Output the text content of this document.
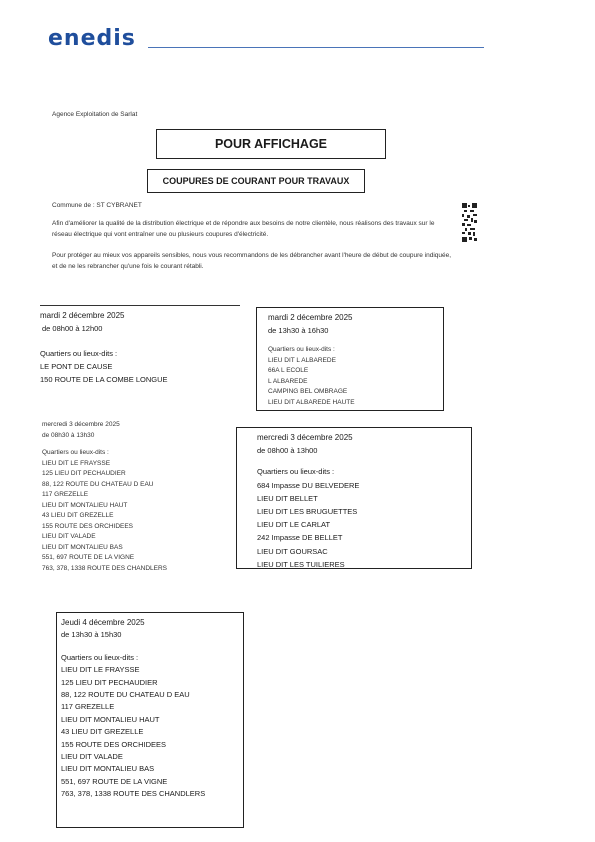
enedis
Agence Exploitation de Sarlat
POUR AFFICHAGE
COUPURES DE COURANT POUR TRAVAUX
Commune de : ST CYBRANET
Afin d'améliorer la qualité de la distribution électrique et de répondre aux besoins de notre clientèle, nous réalisons des travaux sur le réseau électrique qui vont entraîner une ou plusieurs coupures d'électricité.
Pour protéger au mieux vos appareils sensibles, nous vous recommandons de les débrancher avant l'heure de début de coupure indiquée, et de ne les rebrancher qu'une fois le courant rétabli.
mardi 2 décembre 2025
de 08h00 à 12h00
Quartiers ou lieux-dits :
LE PONT DE CAUSE
150 ROUTE DE LA COMBE LONGUE
mardi 2 décembre 2025
de 13h30 à 16h30
Quartiers ou lieux-dits :
LIEU DIT L ALBAREDE
66A L ECOLE
L ALBAREDE
CAMPING BEL OMBRAGE
LIEU DIT ALBAREDE HAUTE
mercredi 3 décembre 2025
de 08h30 à 13h30
Quartiers ou lieux-dits :
LIEU DIT LE FRAYSSE
125 LIEU DIT PECHAUDIER
88, 122 ROUTE DU CHATEAU D EAU
117 GREZELLE
LIEU DIT MONTALIEU HAUT
43 LIEU DIT GREZELLE
155 ROUTE DES ORCHIDEES
LIEU DIT VALADE
LIEU DIT MONTALIEU BAS
551, 697 ROUTE DE LA VIGNE
763, 378, 1338 ROUTE DES CHANDLERS
mercredi 3 décembre 2025
de 08h00 à 13h00
Quartiers ou lieux-dits :
684 Impasse DU BELVEDERE
LIEU DIT BELLET
LIEU DIT LES BRUGUETTES
LIEU DIT LE CARLAT
242 Impasse DE BELLET
LIEU DIT GOURSAC
LIEU DIT LES TUILIERES
Jeudi 4 décembre 2025
de 13h30 à 15h30
Quartiers ou lieux-dits :
LIEU DIT LE FRAYSSE
125 LIEU DIT PECHAUDIER
88, 122 ROUTE DU CHATEAU D EAU
117 GREZELLE
LIEU DIT MONTALIEU HAUT
43 LIEU DIT GREZELLE
155 ROUTE DES ORCHIDEES
LIEU DIT VALADE
LIEU DIT MONTALIEU BAS
551, 697 ROUTE DE LA VIGNE
763, 378, 1338 ROUTE DES CHANDLERS
